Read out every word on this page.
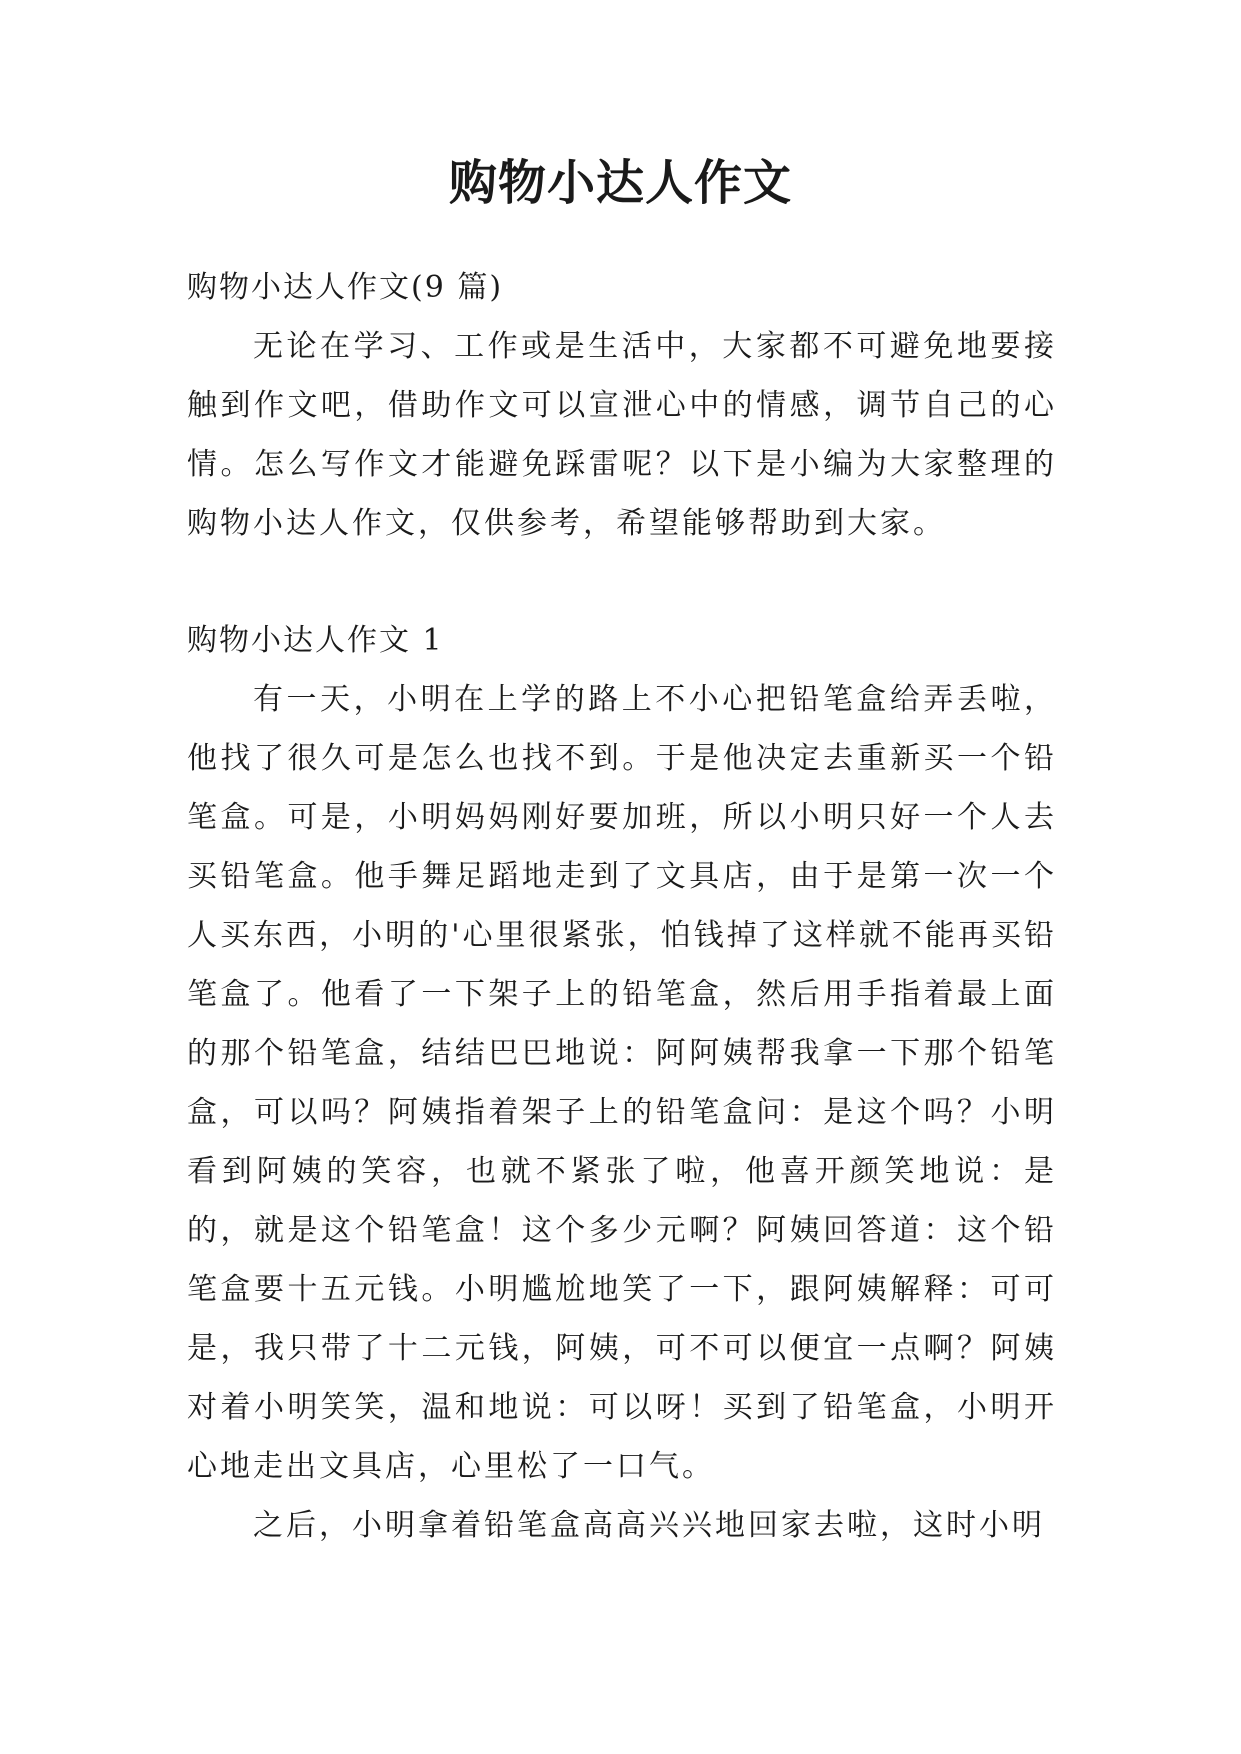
购物小达人作文

购物小达人作文(9 篇)

无论在学习、工作或是生活中，大家都不可避免地要接触到作文吧，借助作文可以宣泄心中的情感，调节自己的心情。怎么写作文才能避免踩雷呢？以下是小编为大家整理的购物小达人作文，仅供参考，希望能够帮助到大家。

购物小达人作文 1

有一天，小明在上学的路上不小心把铅笔盒给弄丢啦，他找了很久可是怎么也找不到。于是他决定去重新买一个铅笔盒。可是，小明妈妈刚好要加班，所以小明只好一个人去买铅笔盒。他手舞足蹈地走到了文具店，由于是第一次一个人买东西，小明的'心里很紧张，怕钱掉了这样就不能再买铅笔盒了。他看了一下架子上的铅笔盒，然后用手指着最上面的那个铅笔盒，结结巴巴地说：阿阿姨帮我拿一下那个铅笔盒，可以吗？阿姨指着架子上的铅笔盒问：是这个吗？小明看到阿姨的笑容，也就不紧张了啦，他喜开颜笑地说：是的，就是这个铅笔盒！这个多少元啊？阿姨回答道：这个铅笔盒要十五元钱。小明尴尬地笑了一下，跟阿姨解释：可可是，我只带了十二元钱，阿姨，可不可以便宜一点啊？阿姨对着小明笑笑，温和地说：可以呀！买到了铅笔盒，小明开心地走出文具店，心里松了一口气。

之后，小明拿着铅笔盒高高兴兴地回家去啦，这时小明
